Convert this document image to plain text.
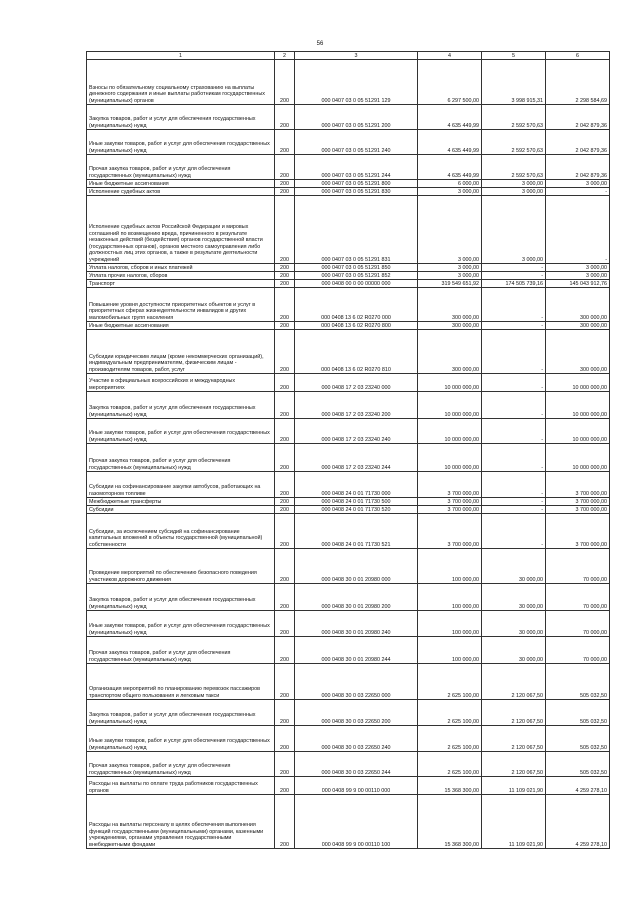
56
1	2	3	4	5	6
Взносы по обязательному социальному страхованию на выплаты денежного содержания и иные выплаты работникам государственных (муниципальных) органов	200	000 0407 03 0 05 51291 129	6 297 500,00	3 998 915,31	2 298 584,69
Закупка товаров, работ и услуг для обеспечения государственных (муниципальных) нужд	200	000 0407 03 0 05 51291 200	4 635 449,99	2 592 570,63	2 042 879,36
Иные закупки товаров, работ и услуг для обеспечения государственных (муниципальных) нужд	200	000 0407 03 0 05 51291 240	4 635 449,99	2 592 570,63	2 042 879,36
Прочая закупка товаров, работ и услуг для обеспечения государственных (муниципальных) нужд	200	000 0407 03 0 05 51291 244	4 635 449,99	2 592 570,63	2 042 879,36
Иные бюджетные ассигнования	200	000 0407 03 0 05 51291 800	6 000,00	3 000,00	3 000,00
Исполнение судебных актов	200	000 0407 03 0 05 51291 830	3 000,00	3 000,00	-
Исполнение судебных актов Российской Федерации и мировых соглашений по возмещению вреда, причиненного в результате незаконных действий (бездействия) органов государственной власти (государственных органов), органов местного самоуправления либо должностных лиц этих органов, а также в результате деятельности учреждений	200	000 0407 03 0 05 51291 831	3 000,00	3 000,00	-
Уплата налогов, сборов и иных платежей	200	000 0407 03 0 05 51291 850	3 000,00	-	3 000,00
Уплата прочих налогов, сборов	200	000 0407 03 0 05 51291 852	3 000,00	-	3 000,00
Транспорт	200	000 0408 00 0 00 00000 000	319 549 651,92	174 505 739,16	145 043 912,76
Повышение уровня доступности приоритетных объектов и услуг в приоритетных сферах жизнедеятельности инвалидов и других маломобильных групп населения	200	000 0408 13 6 02 R0270 000	300 000,00	-	300 000,00
Иные бюджетные ассигнования	200	000 0408 13 6 02 R0270 800	300 000,00	-	300 000,00
Субсидии юридическим лицам (кроме некоммерческих организаций), индивидуальным предпринимателям, физическим лицам - производителям товаров, работ, услуг	200	000 0408 13 6 02 R0270 810	300 000,00	-	300 000,00
Участие в официальных всероссийских и международных мероприятиях	200	000 0408 17 2 03 23240 000	10 000 000,00	-	10 000 000,00
Закупка товаров, работ и услуг для обеспечения государственных (муниципальных) нужд	200	000 0408 17 2 03 23240 200	10 000 000,00	-	10 000 000,00
Иные закупки товаров, работ и услуг для обеспечения государственных (муниципальных) нужд	200	000 0408 17 2 03 23240 240	10 000 000,00	-	10 000 000,00
Прочая закупка товаров, работ и услуг для обеспечения государственных (муниципальных) нужд	200	000 0408 17 2 03 23240 244	10 000 000,00	-	10 000 000,00
Субсидии на софинансирование закупки автобусов, работающих на газомоторном топливе	200	000 0408 24 0 01 71730 000	3 700 000,00	-	3 700 000,00
Межбюджетные трансферты	200	000 0408 24 0 01 71730 500	3 700 000,00	-	3 700 000,00
Субсидии	200	000 0408 24 0 01 71730 520	3 700 000,00	-	3 700 000,00
Субсидии, за исключением субсидий на софинансирование капитальных вложений в объекты государственной (муниципальной) собственности	200	000 0408 24 0 01 71730 521	3 700 000,00	-	3 700 000,00
Проведение мероприятий по обеспечению безопасного поведения участников дорожного движения	200	000 0408 30 0 01 20980 000	100 000,00	30 000,00	70 000,00
Закупка товаров, работ и услуг для обеспечения государственных (муниципальных) нужд	200	000 0408 30 0 01 20980 200	100 000,00	30 000,00	70 000,00
Иные закупки товаров, работ и услуг для обеспечения государственных (муниципальных) нужд	200	000 0408 30 0 01 20980 240	100 000,00	30 000,00	70 000,00
Прочая закупка товаров, работ и услуг для обеспечения государственных (муниципальных) нужд	200	000 0408 30 0 01 20980 244	100 000,00	30 000,00	70 000,00
Организация мероприятий по планированию перевозок пассажиров транспортом общего пользования и легковым такси	200	000 0408 30 0 03 22650 000	2 625 100,00	2 120 067,50	505 032,50
Закупка товаров, работ и услуг для обеспечения государственных (муниципальных) нужд	200	000 0408 30 0 03 22650 200	2 625 100,00	2 120 067,50	505 032,50
Иные закупки товаров, работ и услуг для обеспечения государственных (муниципальных) нужд	200	000 0408 30 0 03 22650 240	2 625 100,00	2 120 067,50	505 032,50
Прочая закупка товаров, работ и услуг для обеспечения государственных (муниципальных) нужд	200	000 0408 30 0 03 22650 244	2 625 100,00	2 120 067,50	505 032,50
Расходы на выплаты по оплате труда работников государственных органов	200	000 0408 99 9 00 00110 000	15 368 300,00	11 109 021,90	4 259 278,10
Расходы на выплаты персоналу в целях обеспечения выполнения функций государственными (муниципальными) органами, казенными учреждениями, органами управления государственными внебюджетными фондами	200	000 0408 99 9 00 00110 100	15 368 300,00	11 109 021,90	4 259 278,10
